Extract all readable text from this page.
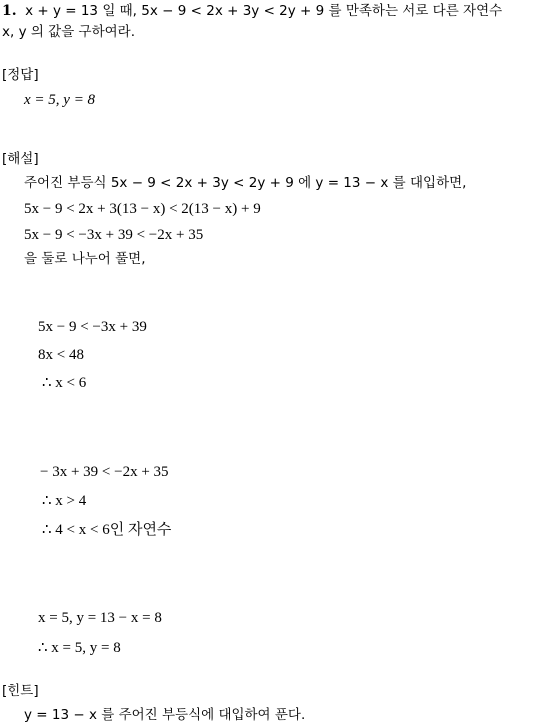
1. x + y = 13 일 때, 5x − 9 < 2x + 3y < 2y + 9 를 만족하는 서로 다른 자연수
x, y 의 값을 구하여라.
[정답]
x = 5, y = 8
[해설]
주어진 부등식 5x − 9 < 2x + 3y < 2y + 9 에 y = 13 − x 를 대입하면,
5x − 9 < 2x + 3(13 − x) < 2(13 − x) + 9
5x − 9 < −3x + 39 < −2x + 35
을 둘로 나누어 풀면,
5x − 9 < −3x + 39
8x < 48
∴ x < 6
− 3x + 39 < −2x + 35
∴ x > 4
∴ 4 < x < 6인 자연수
x = 5, y = 13 − x = 8
∴ x = 5, y = 8
[힌트]
y = 13 − x 를 주어진 부등식에 대입하여 푼다.
